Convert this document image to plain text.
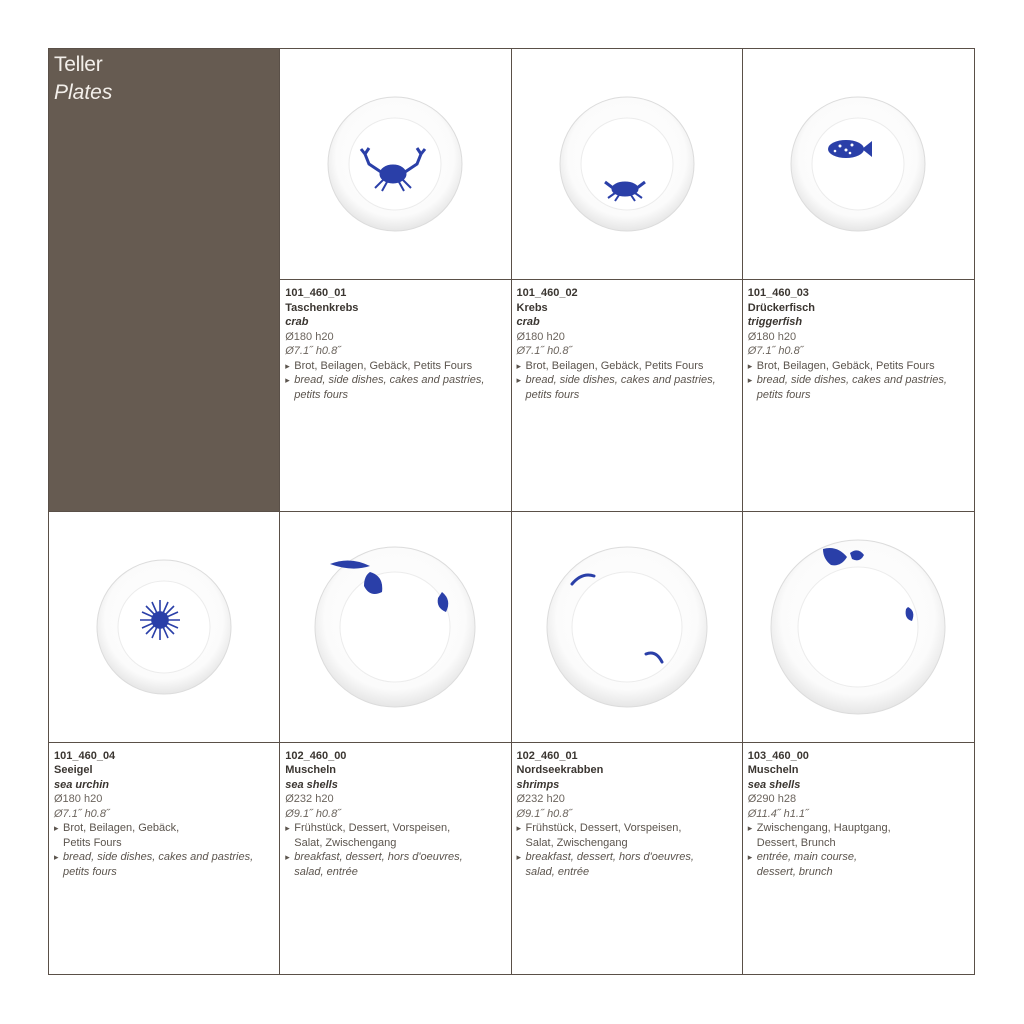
Teller
Plates
101_460_01
Taschenkrebs
crab
Ø180 h20
Ø7.1˝ h0.8˝
▸ Brot, Beilagen, Gebäck, Petits Fours
▸ bread, side dishes, cakes and pastries,
petits fours
101_460_02
Krebs
crab
Ø180 h20
Ø7.1˝ h0.8˝
▸ Brot, Beilagen, Gebäck, Petits Fours
▸ bread, side dishes, cakes and pastries,
petits fours
101_460_03
Drückerfisch
triggerfish
Ø180 h20
Ø7.1˝ h0.8˝
▸ Brot, Beilagen, Gebäck, Petits Fours
▸ bread, side dishes, cakes and pastries,
petits fours
101_460_04
Seeigel
sea urchin
Ø180 h20
Ø7.1˝ h0.8˝
▸ Brot, Beilagen, Gebäck,
Petits Fours
▸ bread, side dishes, cakes and pastries,
petits fours
102_460_00
Muscheln
sea shells
Ø232 h20
Ø9.1˝ h0.8˝
▸ Frühstück, Dessert, Vorspeisen,
Salat, Zwischengang
▸ breakfast, dessert, hors d'oeuvres,
salad, entrée
102_460_01
Nordseekrabben
shrimps
Ø232 h20
Ø9.1˝ h0.8˝
▸ Frühstück, Dessert, Vorspeisen,
Salat, Zwischengang
▸ breakfast, dessert, hors d'oeuvres,
salad, entrée
103_460_00
Muscheln
sea shells
Ø290 h28
Ø11.4˝ h1.1˝
▸ Zwischengang, Hauptgang,
Dessert, Brunch
▸ entrée, main course,
dessert, brunch
